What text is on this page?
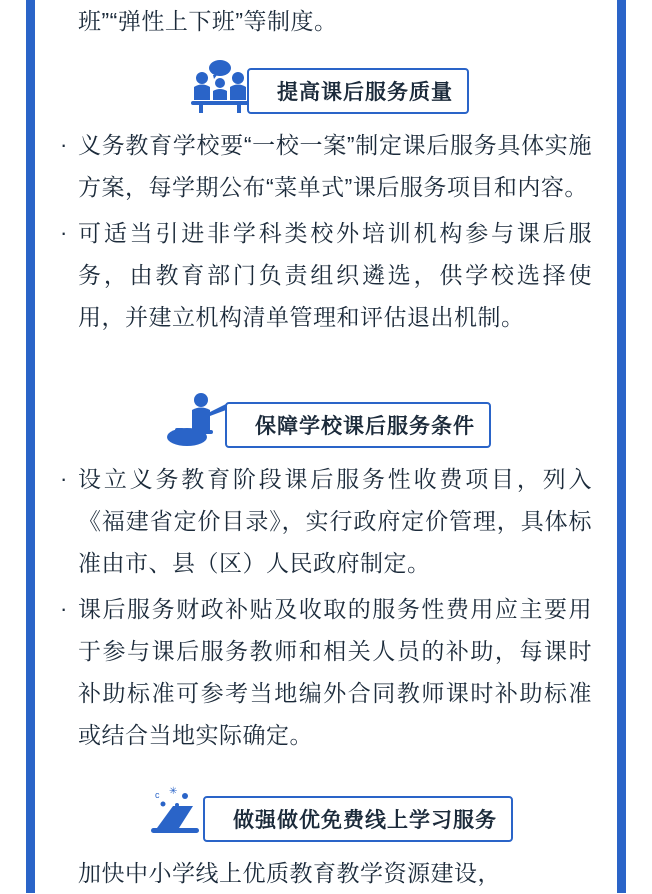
班”“弹性上下班”等制度。
提高课后服务质量
· 义务教育学校要“一校一案”制定课后服务具体实施方案，每学期公布“菜单式”课后服务项目和内容。
· 可适当引进非学科类校外培训机构参与课后服务，由教育部门负责组织遴选，供学校选择使用，并建立机构清单管理和评估退出机制。
保障学校课后服务条件
· 设立义务教育阶段课后服务性收费项目，列入《福建省定价目录》，实行政府定价管理，具体标准由市、县（区）人民政府制定。
· 课后服务财政补贴及收取的服务性费用应主要用于参与课后服务教师和相关人员的补助，每课时补助标准可参考当地编外合同教师课时补助标准或结合当地实际确定。
c ✳
做强做优免费线上学习服务
加快中小学线上优质教育教学资源建设，
